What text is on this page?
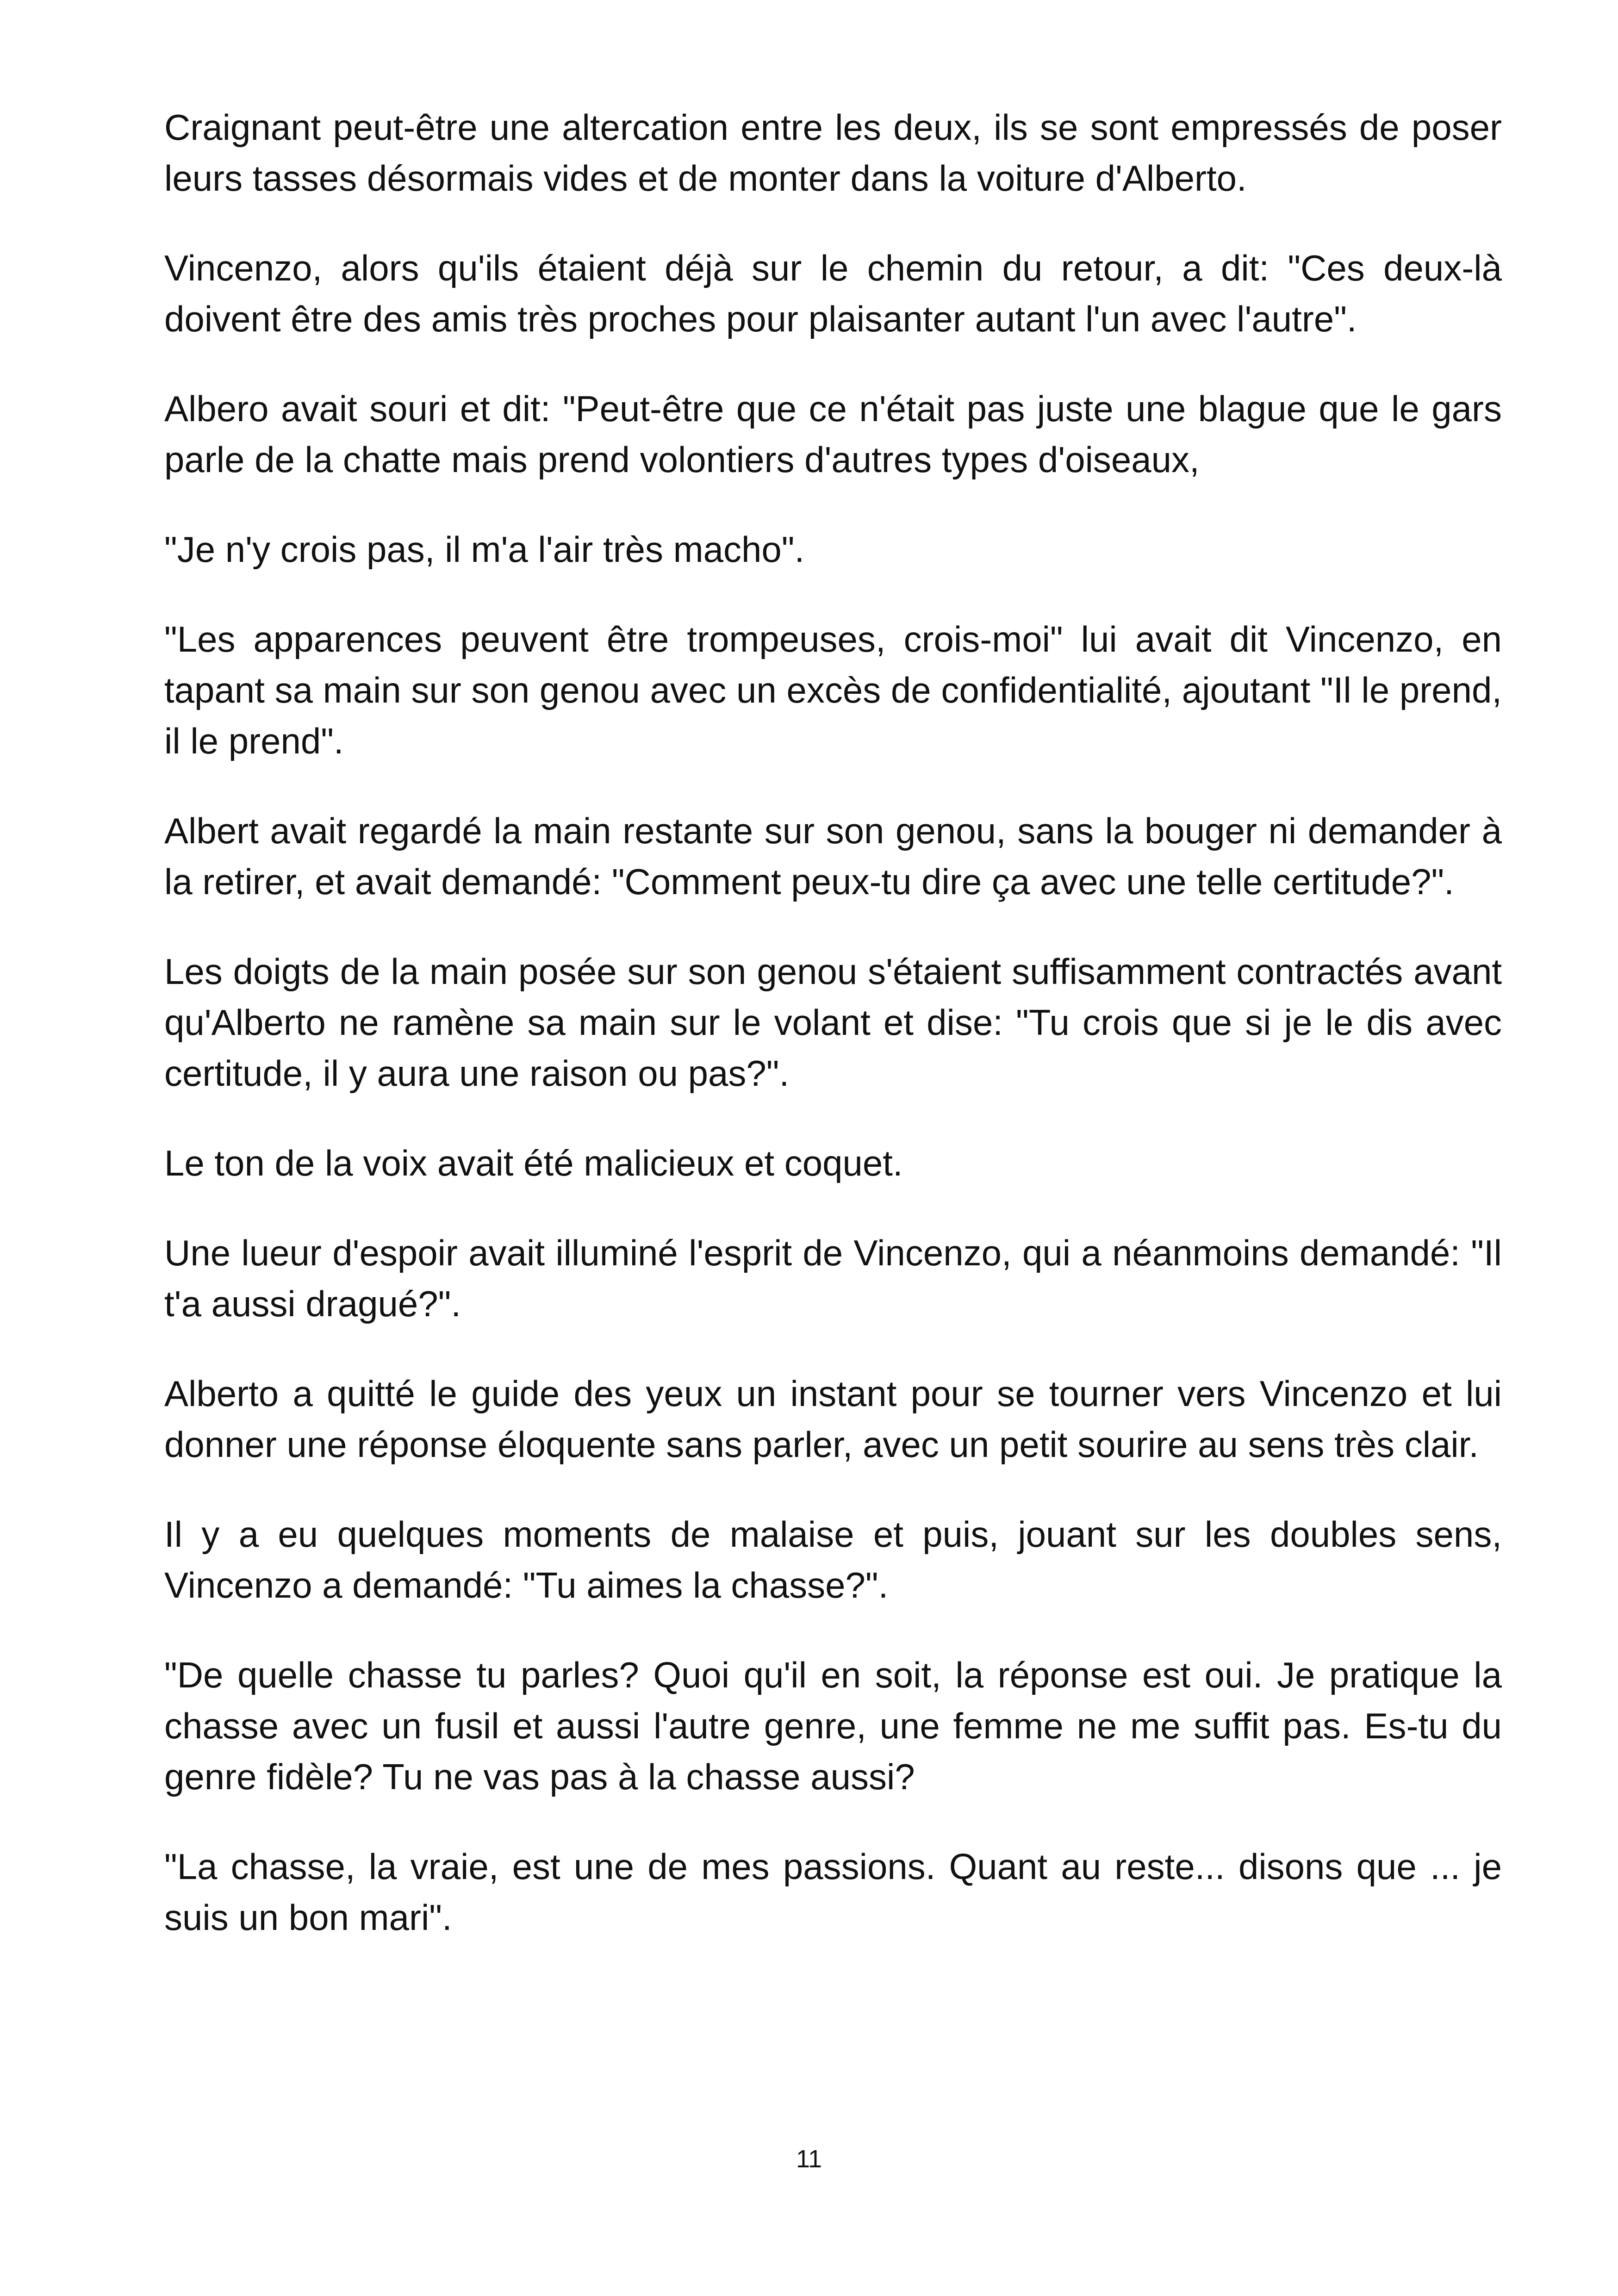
Craignant peut-être une altercation entre les deux, ils se sont empressés de poser leurs tasses désormais vides et de monter dans la voiture d'Alberto.

Vincenzo, alors qu'ils étaient déjà sur le chemin du retour, a dit: "Ces deux-là doivent être des amis très proches pour plaisanter autant l'un avec l'autre".

Albero avait souri et dit: "Peut-être que ce n'était pas juste une blague que le gars parle de la chatte mais prend volontiers d'autres types d'oiseaux,

"Je n'y crois pas, il m'a l'air très macho".

"Les apparences peuvent être trompeuses, crois-moi" lui avait dit Vincenzo, en tapant sa main sur son genou avec un excès de confidentialité, ajoutant "Il le prend, il le prend".

Albert avait regardé la main restante sur son genou, sans la bouger ni demander à la retirer, et avait demandé: "Comment peux-tu dire ça avec une telle certitude?".

Les doigts de la main posée sur son genou s'étaient suffisamment contractés avant qu'Alberto ne ramène sa main sur le volant et dise: "Tu crois que si je le dis avec certitude, il y aura une raison ou pas?".

Le ton de la voix avait été malicieux et coquet.

Une lueur d'espoir avait illuminé l'esprit de Vincenzo, qui a néanmoins demandé: "Il t'a aussi dragué?".

Alberto a quitté le guide des yeux un instant pour se tourner vers Vincenzo et lui donner une réponse éloquente sans parler, avec un petit sourire au sens très clair.

Il y a eu quelques moments de malaise et puis, jouant sur les doubles sens, Vincenzo a demandé: "Tu aimes la chasse?".

"De quelle chasse tu parles? Quoi qu'il en soit, la réponse est oui. Je pratique la chasse avec un fusil et aussi l'autre genre, une femme ne me suffit pas. Es-tu du genre fidèle? Tu ne vas pas à la chasse aussi?

"La chasse, la vraie, est une de mes passions. Quant au reste... disons que ... je suis un bon mari".

11
